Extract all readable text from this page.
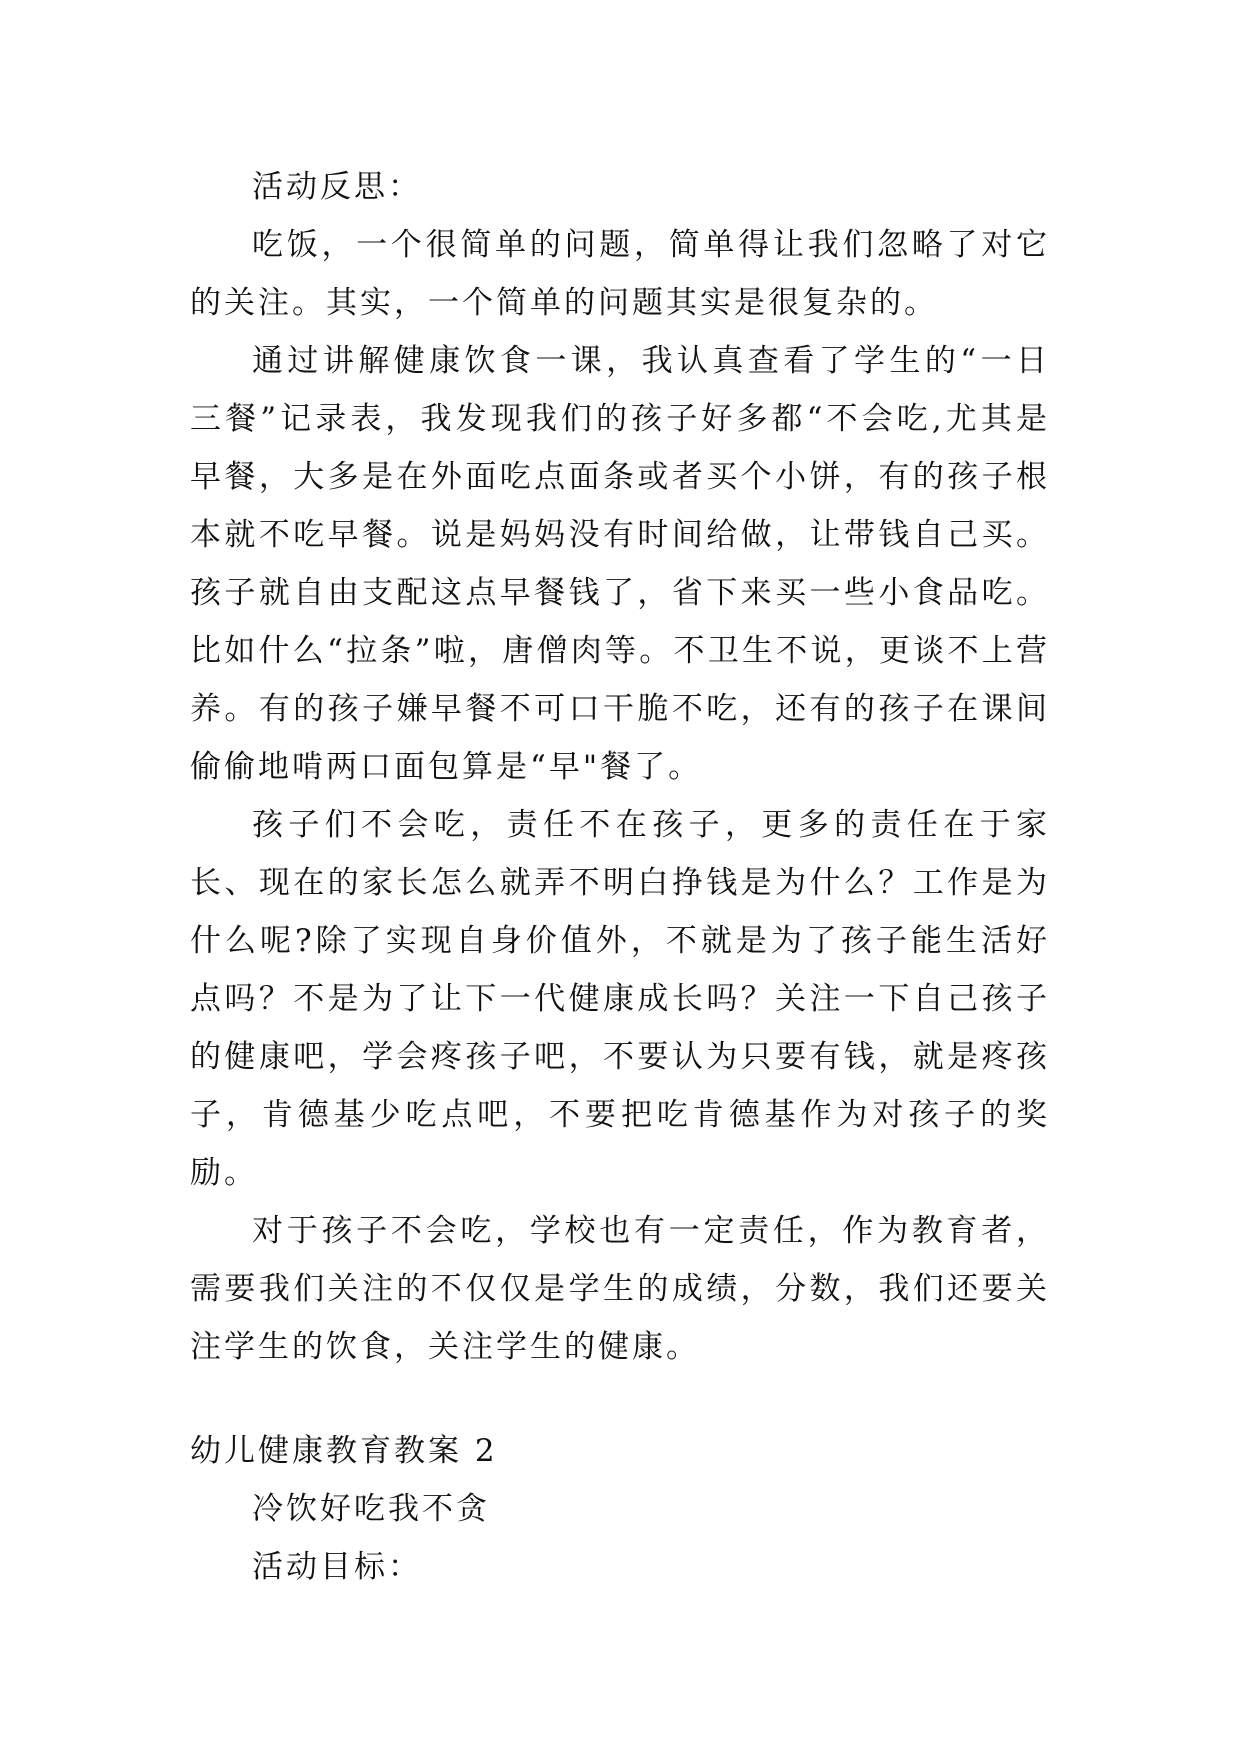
活动反思：

吃饭，一个很简单的问题，简单得让我们忽略了对它的关注。其实，一个简单的问题其实是很复杂的。

通过讲解健康饮食一课，我认真查看了学生的“一日三餐”记录表，我发现我们的孩子好多都“不会吃,尤其是早餐，大多是在外面吃点面条或者买个小饼，有的孩子根本就不吃早餐。说是妈妈没有时间给做，让带钱自己买。孩子就自由支配这点早餐钱了，省下来买一些小食品吃。比如什么“拉条”啦，唐僧肉等。不卫生不说，更谈不上营养。有的孩子嫌早餐不可口干脆不吃，还有的孩子在课间偷偷地啃两口面包算是“早"餐了。

孩子们不会吃，责任不在孩子，更多的责任在于家长、现在的家长怎么就弄不明白挣钱是为什么？工作是为什么呢?除了实现自身价值外，不就是为了孩子能生活好点吗？不是为了让下一代健康成长吗？关注一下自己孩子的健康吧，学会疼孩子吧，不要认为只要有钱，就是疼孩子，肯德基少吃点吧，不要把吃肯德基作为对孩子的奖励。

对于孩子不会吃，学校也有一定责任，作为教育者，需要我们关注的不仅仅是学生的成绩，分数，我们还要关注学生的饮食，关注学生的健康。

幼儿健康教育教案 2

冷饮好吃我不贪

活动目标：
